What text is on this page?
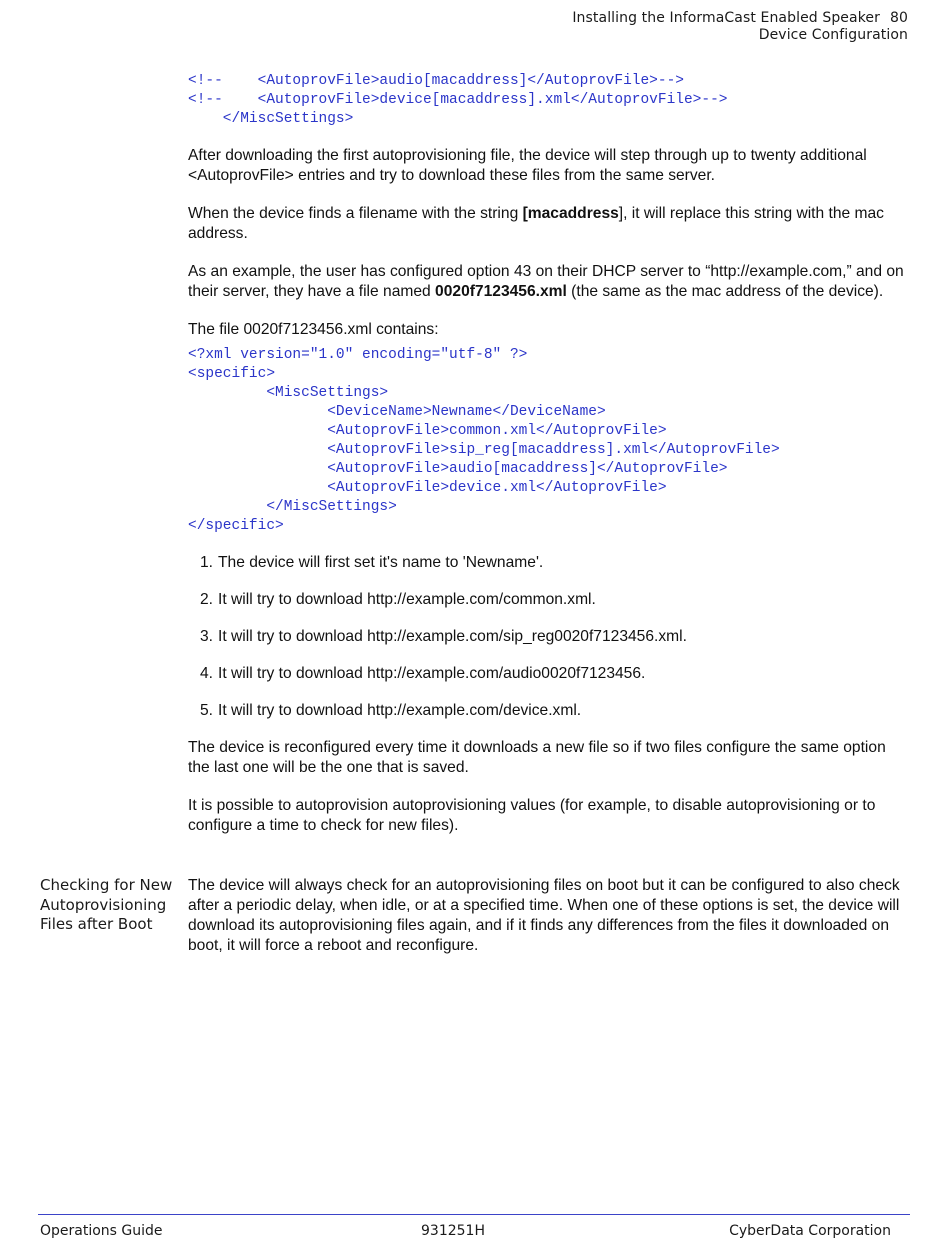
Installing the InformaCast Enabled Speaker 80
Device Configuration
<!--    <AutoprovFile>audio[macaddress]</AutoprovFile>-->
<!--    <AutoprovFile>device[macaddress].xml</AutoprovFile>-->
</MiscSettings>

After downloading the first autoprovisioning file, the device will step through up to twenty additional <AutoprovFile> entries and try to download these files from the same server.

When the device finds a filename with the string [macaddress], it will replace this string with the mac address.

As an example, the user has configured option 43 on their DHCP server to “http://example.com,” and on their server, they have a file named 0020f7123456.xml (the same as the mac address of the device).

The file 0020f7123456.xml contains:

<?xml version="1.0" encoding="utf-8" ?>
<specific>
<MiscSettings>
<DeviceName>Newname</DeviceName>
<AutoprovFile>common.xml</AutoprovFile>
<AutoprovFile>sip_reg[macaddress].xml</AutoprovFile>
<AutoprovFile>audio[macaddress]</AutoprovFile>
<AutoprovFile>device.xml</AutoprovFile>
</MiscSettings>
</specific>
1. The device will first set it's name to 'Newname'.
2. It will try to download http://example.com/common.xml.
3. It will try to download http://example.com/sip_reg0020f7123456.xml.
4. It will try to download http://example.com/audio0020f7123456.
5. It will try to download http://example.com/device.xml.

The device is reconfigured every time it downloads a new file so if two files configure the same option the last one will be the one that is saved.

It is possible to autoprovision autoprovisioning values (for example, to disable autoprovisioning or to configure a time to check for new files).

Checking for New
Autoprovisioning
Files after Boot

The device will always check for an autoprovisioning files on boot but it can be configured to also check after a periodic delay, when idle, or at a specified time. When one of these options is set, the device will download its autoprovisioning files again, and if it finds any differences from the files it downloaded on boot, it will force a reboot and reconfigure.

Operations Guide	931251H	CyberData Corporation
